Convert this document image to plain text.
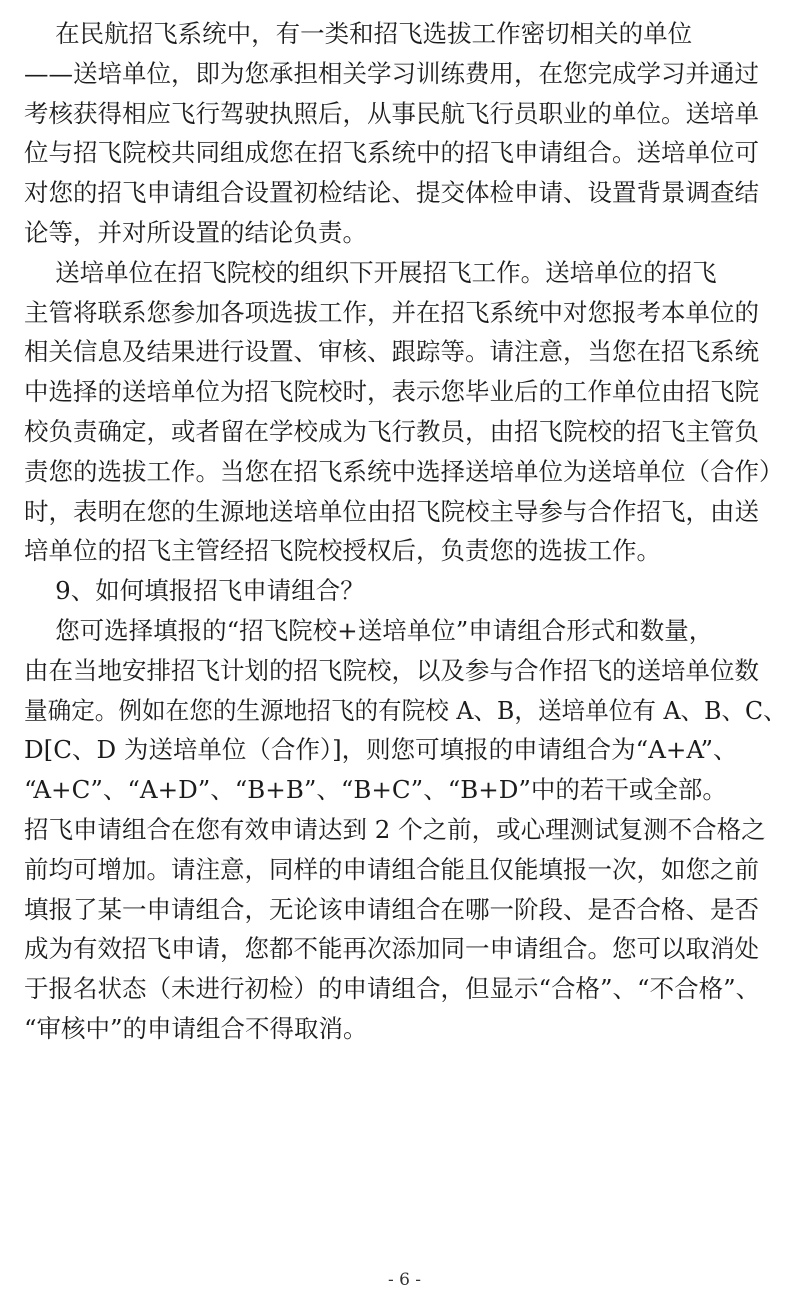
在民航招飞系统中，有一类和招飞选拔工作密切相关的单位
——送培单位，即为您承担相关学习训练费用，在您完成学习并通过
考核获得相应飞行驾驶执照后，从事民航飞行员职业的单位。送培单
位与招飞院校共同组成您在招飞系统中的招飞申请组合。送培单位可
对您的招飞申请组合设置初检结论、提交体检申请、设置背景调查结
论等，并对所设置的结论负责。
送培单位在招飞院校的组织下开展招飞工作。送培单位的招飞
主管将联系您参加各项选拔工作，并在招飞系统中对您报考本单位的
相关信息及结果进行设置、审核、跟踪等。请注意，当您在招飞系统
中选择的送培单位为招飞院校时，表示您毕业后的工作单位由招飞院
校负责确定，或者留在学校成为飞行教员，由招飞院校的招飞主管负
责您的选拔工作。当您在招飞系统中选择送培单位为送培单位（合作）
时，表明在您的生源地送培单位由招飞院校主导参与合作招飞，由送
培单位的招飞主管经招飞院校授权后，负责您的选拔工作。
9、如何填报招飞申请组合？
您可选择填报的“招飞院校+送培单位”申请组合形式和数量，
由在当地安排招飞计划的招飞院校，以及参与合作招飞的送培单位数
量确定。例如在您的生源地招飞的有院校 A、B，送培单位有 A、B、C、
D[C、D 为送培单位（合作）]，则您可填报的申请组合为“A+A”、
“A+C”、“A+D”、“B+B”、“B+C”、“B+D”中的若干或全部。
招飞申请组合在您有效申请达到 2 个之前，或心理测试复测不合格之
前均可增加。请注意，同样的申请组合能且仅能填报一次，如您之前
填报了某一申请组合，无论该申请组合在哪一阶段、是否合格、是否
成为有效招飞申请，您都不能再次添加同一申请组合。您可以取消处
于报名状态（未进行初检）的申请组合，但显示“合格”、“不合格”、
“审核中”的申请组合不得取消。
- 6 -
